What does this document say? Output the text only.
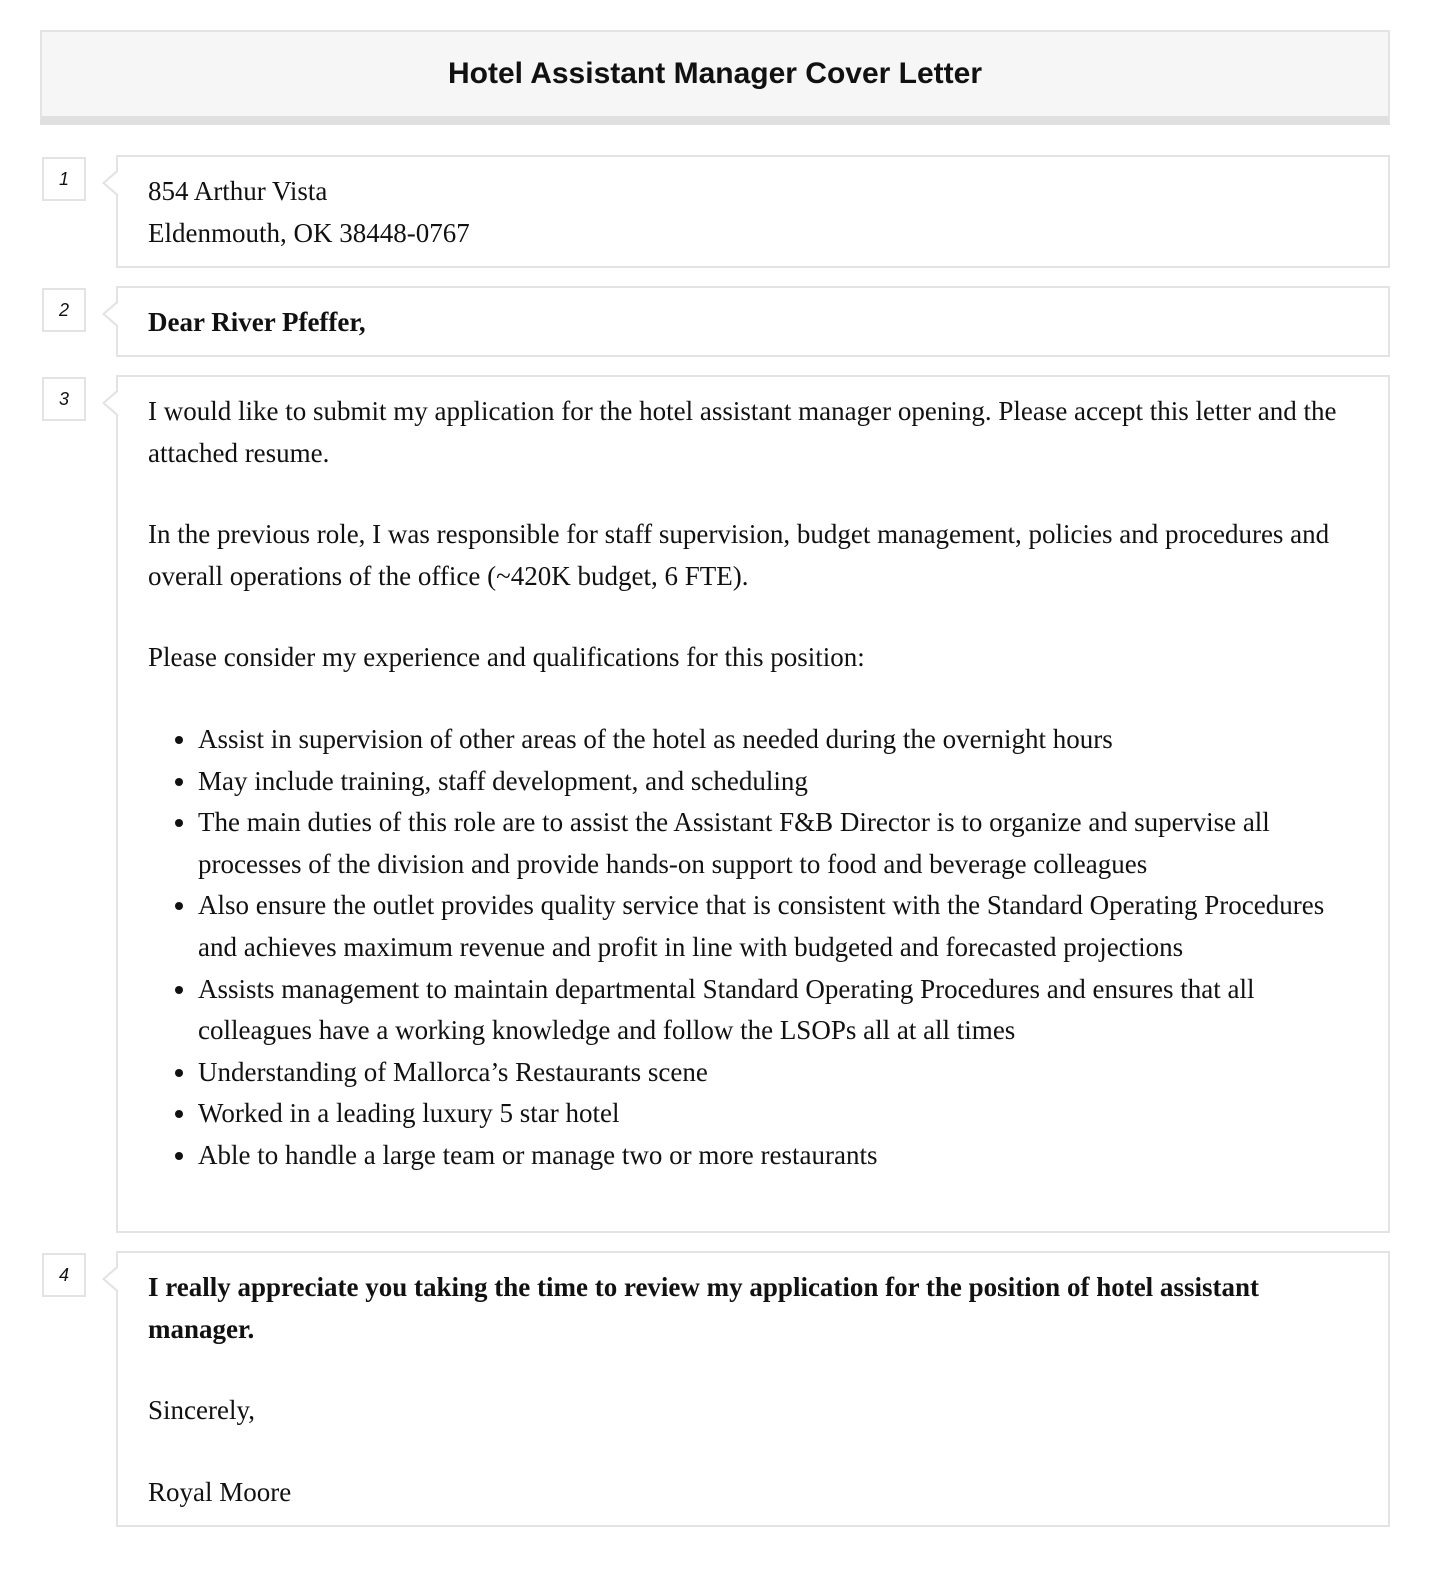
Hotel Assistant Manager Cover Letter
1	854 Arthur Vista
Eldenmouth, OK 38448-0767
2	Dear River Pfeffer,
3	I would like to submit my application for the hotel assistant manager opening. Please accept this letter and the attached resume.

In the previous role, I was responsible for staff supervision, budget management, policies and procedures and overall operations of the office (~420K budget, 6 FTE).

Please consider my experience and qualifications for this position:

• Assist in supervision of other areas of the hotel as needed during the overnight hours
• May include training, staff development, and scheduling
• The main duties of this role are to assist the Assistant F&B Director is to organize and supervise all processes of the division and provide hands-on support to food and beverage colleagues
• Also ensure the outlet provides quality service that is consistent with the Standard Operating Procedures and achieves maximum revenue and profit in line with budgeted and forecasted projections
• Assists management to maintain departmental Standard Operating Procedures and ensures that all colleagues have a working knowledge and follow the LSOPs all at all times
• Understanding of Mallorca’s Restaurants scene
• Worked in a leading luxury 5 star hotel
• Able to handle a large team or manage two or more restaurants
4	I really appreciate you taking the time to review my application for the position of hotel assistant manager.

Sincerely,

Royal Moore
